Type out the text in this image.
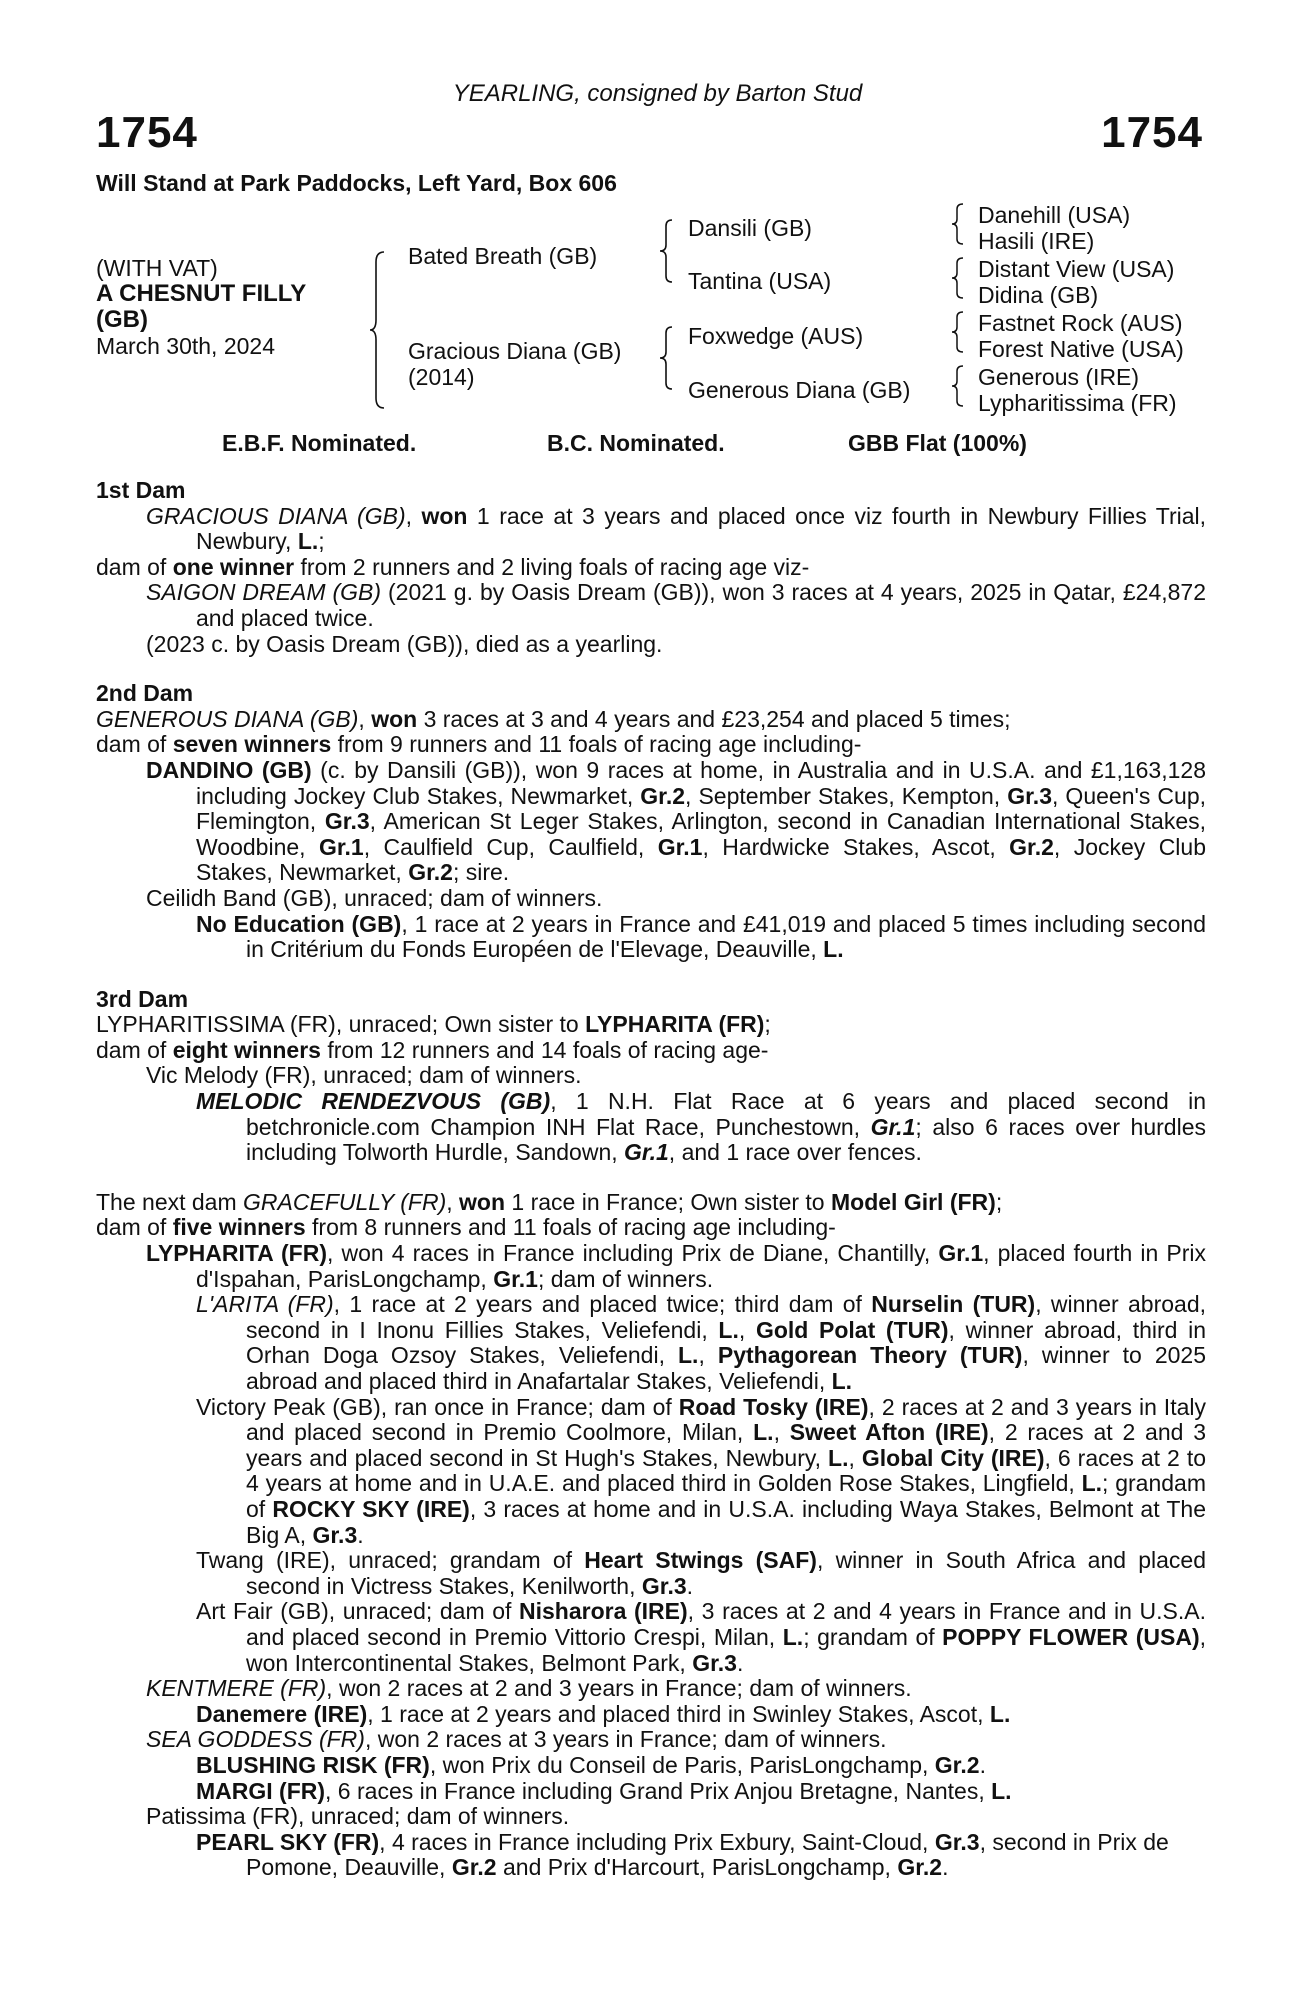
YEARLING, consigned by Barton Stud
1754	1754
Will Stand at Park Paddocks, Left Yard, Box 606
(WITH VAT)
A CHESNUT FILLY
(GB)
March 30th, 2024
Bated Breath (GB)
Gracious Diana (GB)
(2014)
Dansili (GB)
Tantina (USA)
Foxwedge (AUS)
Generous Diana (GB)
Danehill (USA)
Hasili (IRE)
Distant View (USA)
Didina (GB)
Fastnet Rock (AUS)
Forest Native (USA)
Generous (IRE)
Lypharitissima (FR)
E.B.F. Nominated.	B.C. Nominated.	GBB Flat (100%)

1st Dam

GRACIOUS DIANA (GB), won 1 race at 3 years and placed once viz fourth in Newbury Fillies Trial, Newbury, L.;

dam of one winner from 2 runners and 2 living foals of racing age viz-

SAIGON DREAM (GB) (2021 g. by Oasis Dream (GB)), won 3 races at 4 years, 2025 in Qatar, £24,872 and placed twice.

(2023 c. by Oasis Dream (GB)), died as a yearling.

2nd Dam

GENEROUS DIANA (GB), won 3 races at 3 and 4 years and £23,254 and placed 5 times;

dam of seven winners from 9 runners and 11 foals of racing age including-

DANDINO (GB) (c. by Dansili (GB)), won 9 races at home, in Australia and in U.S.A. and £1,163,128 including Jockey Club Stakes, Newmarket, Gr.2, September Stakes, Kempton, Gr.3, Queen's Cup, Flemington, Gr.3, American St Leger Stakes, Arlington, second in Canadian International Stakes, Woodbine, Gr.1, Caulfield Cup, Caulfield, Gr.1, Hardwicke Stakes, Ascot, Gr.2, Jockey Club Stakes, Newmarket, Gr.2; sire.

Ceilidh Band (GB), unraced; dam of winners.

No Education (GB), 1 race at 2 years in France and £41,019 and placed 5 times including second in Critérium du Fonds Européen de l'Elevage, Deauville, L.

3rd Dam

LYPHARITISSIMA (FR), unraced; Own sister to LYPHARITA (FR);

dam of eight winners from 12 runners and 14 foals of racing age-

Vic Melody (FR), unraced; dam of winners.

MELODIC RENDEZVOUS (GB), 1 N.H. Flat Race at 6 years and placed second in betchronicle.com Champion INH Flat Race, Punchestown, Gr.1; also 6 races over hurdles including Tolworth Hurdle, Sandown, Gr.1, and 1 race over fences.

The next dam GRACEFULLY (FR), won 1 race in France; Own sister to Model Girl (FR);

dam of five winners from 8 runners and 11 foals of racing age including-

LYPHARITA (FR), won 4 races in France including Prix de Diane, Chantilly, Gr.1, placed fourth in Prix d'Ispahan, ParisLongchamp, Gr.1; dam of winners.

L'ARITA (FR), 1 race at 2 years and placed twice; third dam of Nurselin (TUR), winner abroad, second in I Inonu Fillies Stakes, Veliefendi, L., Gold Polat (TUR), winner abroad, third in Orhan Doga Ozsoy Stakes, Veliefendi, L., Pythagorean Theory (TUR), winner to 2025 abroad and placed third in Anafartalar Stakes, Veliefendi, L.

Victory Peak (GB), ran once in France; dam of Road Tosky (IRE), 2 races at 2 and 3 years in Italy and placed second in Premio Coolmore, Milan, L., Sweet Afton (IRE), 2 races at 2 and 3 years and placed second in St Hugh's Stakes, Newbury, L., Global City (IRE), 6 races at 2 to 4 years at home and in U.A.E. and placed third in Golden Rose Stakes, Lingfield, L.; grandam of ROCKY SKY (IRE), 3 races at home and in U.S.A. including Waya Stakes, Belmont at The Big A, Gr.3.

Twang (IRE), unraced; grandam of Heart Stwings (SAF), winner in South Africa and placed second in Victress Stakes, Kenilworth, Gr.3.

Art Fair (GB), unraced; dam of Nisharora (IRE), 3 races at 2 and 4 years in France and in U.S.A. and placed second in Premio Vittorio Crespi, Milan, L.; grandam of POPPY FLOWER (USA), won Intercontinental Stakes, Belmont Park, Gr.3.

KENTMERE (FR), won 2 races at 2 and 3 years in France; dam of winners.

Danemere (IRE), 1 race at 2 years and placed third in Swinley Stakes, Ascot, L.

SEA GODDESS (FR), won 2 races at 3 years in France; dam of winners.

BLUSHING RISK (FR), won Prix du Conseil de Paris, ParisLongchamp, Gr.2.

MARGI (FR), 6 races in France including Grand Prix Anjou Bretagne, Nantes, L.

Patissima (FR), unraced; dam of winners.

PEARL SKY (FR), 4 races in France including Prix Exbury, Saint-Cloud, Gr.3, second in Prix de Pomone, Deauville, Gr.2 and Prix d'Harcourt, ParisLongchamp, Gr.2.
